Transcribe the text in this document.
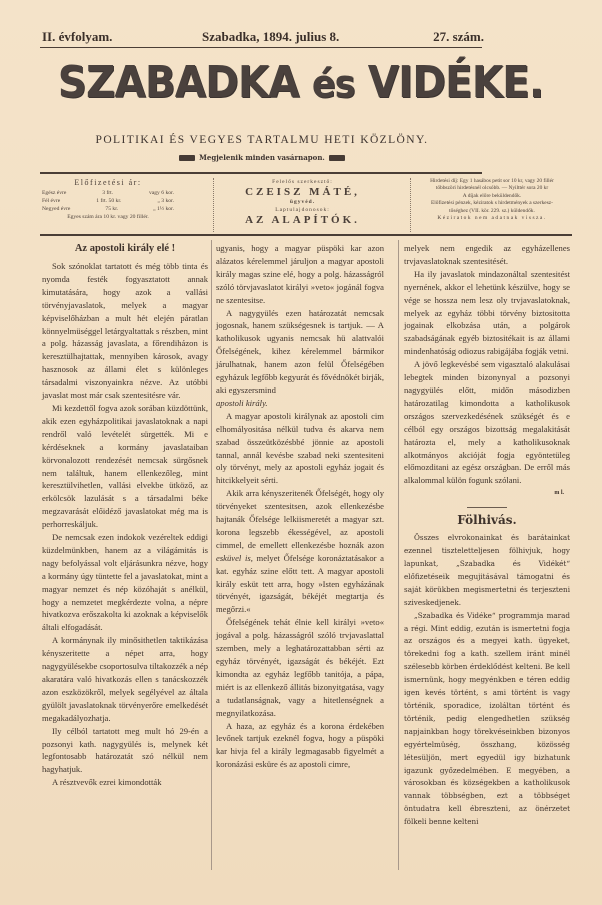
II. évfolyam.	Szabadka, 1894. julius 8.	27. szám.
SZABADKA és VIDÉKE.
POLITIKAI ÉS VEGYES TARTALMU HETI KÖZLÖNY.
Megjelenik minden vasárnapon.
Előfizetési ár:
Egész évre	3 frt.	vagy 6 kor.
Fél évre	1 frt. 50 kr.	„ 3 kor.
Negyed évre	75 kr.	„ 1½ kor.
Egyes szám ára 10 kr. vagy 20 fillér.
Felelős szerkesztő:
CZEISZ MÁTÉ,
ügyvéd.
Laptulajdonosok:
AZ ALAPÍTÓK.
Hirdetési díj: Egy 1 hasábos petit sor 10 kr, vagy 20 fillér
többszöri hirdetésnél olcsóbb. — Nyilttér sora 20 kr
A díjak előre beküldendők.
Előfizetési pénzek, kéziratok s hirdetmények a szerkesz-
tőséghez (VII. kör. 229. sz.) küldendők.
Kéziratok nem adatnak vissza.
Az apostoli király elé !

Sok szónoklat tartatott és még több tinta és nyomda festék fogyasztatott annak kimutatására, hogy azok a vallási törvényjavaslatok, melyek a magyar képviselőházban a mult hét elején páratlan könnyelmüséggel letárgyaltattak s részben, mint a polg. házasság javaslata, a főrendiházon is keresztülhajtattak, mennyiben károsok, avagy hasznosok az állami élet s különleges társadalmi viszonyainkra nézve. Az utóbbi javaslat most már csak szentesitésre vár.

Mi kezdettől fogva azok sorában küzdöttünk, akik ezen egyházpolitikai javaslatoknak a napi rendről való levételét sürgették. Mi e kérdéseknek a kormány javaslataiban körvonalozott rendezését nemcsak sürgősnek nem találtuk, hanem ellenkezőleg, mint keresztülvihetlen, vallási elvekbe ütköző, az erkölcsök lazulását s a társadalmi béke megzavarását előidéző javaslatokat még ma is perhorreskáljuk.

De nemcsak ezen indokok vezéreltek eddigi küzdelmünkben, hanem az a világámitás is nagy befolyással volt eljárásunkra nézve, hogy a kormány úgy tüntette fel a javaslatokat, mint a magyar nemzet és nép közóhaját s anélkül, hogy a nemzetet megkérdezte volna, a népre hivatkozva erőszakolta ki azoknak a képviselők általi elfogadását.

A kormánynak ily minősithetlen taktikázása kényszeritette a népet arra, hogy nagygyülésekbe csoportosulva tiltakozzék a nép akaratára való hivatkozás ellen s tanácskozzék azon eszközökről, melyek segélyével az általa gyülölt javaslatoknak törvényerőre emelkedését megakadályozhatja.

Ily célból tartatott meg mult hó 29-én a pozsonyi kath. nagygyülés is, melynek két legfontosabb határozatát szó nélkül nem hagyhatjuk.

A résztvevők ezrei kimondották

ugyanis, hogy a magyar püspöki kar azon alázatos kérelemmel járuljon a magyar apostoli király magas szine elé, hogy a polg. házasságról szóló törvjavaslatot királyi »veto« jogánál fogva ne szentesitse.

A nagygyülés ezen határozatát nemcsak jogosnak, hanem szükségesnek is tartjuk. — A katholikusok ugyanis nemcsak hü alattvalói Őfelségének, kihez kérelemmel bármikor járulhatnak, hanem azon felül Őfelségében egyházuk legfőbb kegyurát és fővédnökét birják, aki egyszersmind

apostoli király.

A magyar apostoli királynak az apostoli cim elhomályositása nélkül tudva és akarva nem szabad összeütközésbbé jönnie az apostoli tannal, annál kevésbe szabad neki szentesiteni oly törvényt, mely az apostoli egyház jogait és hitcikkelyeit sérti.

Akik arra kényszeritenék Őfelségét, hogy oly törvényeket szentesitsen, azok ellenkezésbe hajtanák Őfelsége lelkiismeretét a magyar szt. korona legszebb ékességével, az apostoli cimmel, de emellett ellenkezésbe hoznák azon esküvel is, melyet Őfelsége koronáztatásakor a kat. egyház szine előtt tett. A magyar apostoli király esküt tett arra, hogy »Isten egyházának törvényét, igazságát, békéjét megtartja és megőrzi.«

Őfelségének tehát élnie kell királyi »veto« jogával a polg. házasságról szóló trvjavaslattal szemben, mely a leghatározattabban sérti az egyház törvényét, igazságát és békéjét. Ezt kimondta az egyház legfőbb tanitója, a pápa, miért is az ellenkező állitás bizonyitgatása, vagy a tudatlanságnak, vagy a hitetlenségnek a megnyilatkozása.

A haza, az egyház és a korona érdekében levőnek tartjuk ezeknél fogva, hogy a püspöki kar hivja fel a király legmagasabb figyelmét a koronázási esküre és az apostoli cimre,

melyek nem engedik az egyházellenes trvjavaslatoknak szentesitését.

Ha ily javaslatok mindazonáltal szentesitést nyernének, akkor el lehetünk készülve, hogy se vége se hossza nem lesz oly trvjavaslatoknak, melyek az egyház többi törvény biztositotta jogainak elkobzása után, a polgárok szabadságának egyéb biztositékait is az állami mindenhatóság odiozus rabigájába fogják vetni.

A jövő legkevésbé sem vigasztaló alakulásai lebegtek minden bizonynyal a pozsonyi nagygyülés előtt, midőn másodizben határozatilag kimondotta a katholikusok országos szervezkedésének szükségét és e célból egy országos bizottság megalakitását határozta el, mely a katholikusoknak alkotmányos akcióját fogja egyöntetüleg előmozditani az egész országban. De erről más alkalommal külön fogunk szólani.

m l.
Fölhivás.

Összes elvrokonainkat és barátainkat ezennel tiszteletteljesen fölhivjuk, hogy lapunkat, „Szabadka és Vidékét“ előfizetéseik megujitásával támogatni és saját körükben megismertetni és terjeszteni sziveskedjenek.

„Szabadka és Vidéke“ programmja marad a régi. Mint eddig, ezután is ismertetni fogja az országos és a megyei kath. ügyeket, törekedni fog a kath. szellem iránt minél szélesebb körben érdeklődést kelteni. Be kell ismernünk, hogy megyénkben e téren eddig igen kevés történt, s ami történt is vagy történik, sporadice, izoláltan történt és történik, pedig elengedhetlen szükség napjainkban hogy törekvéseinkben bizonyos egyértelmüség, összhang, közösség létesüljön, mert egyedül igy bizhatunk igazunk győzedelmében. E megyében, a városokban és községekben a katholikusok vannak többségben, ezt a többséget öntudatra kell ébreszteni, az önérzetet fölkeli benne kelteni
